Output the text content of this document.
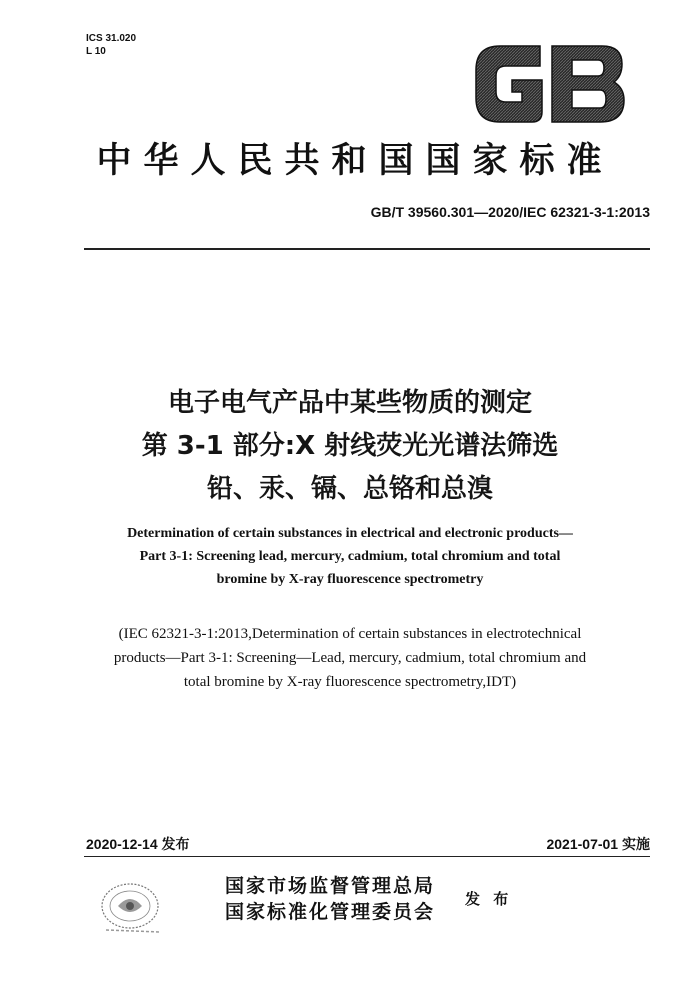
ICS 31.020
L 10
中华人民共和国国家标准
GB/T 39560.301—2020/IEC 62321-3-1:2013
电子电气产品中某些物质的测定
第 3-1 部分:X 射线荧光光谱法筛选
铅、汞、镉、总铬和总溴
Determination of certain substances in electrical and electronic products—
Part 3-1: Screening lead, mercury, cadmium, total chromium and total
bromine by X-ray fluorescence spectrometry
(IEC 62321-3-1:2013,Determination of certain substances in electrotechnical
products—Part 3-1: Screening—Lead, mercury, cadmium, total chromium and
total bromine by X-ray fluorescence spectrometry,IDT)
2020-12-14 发布	2021-07-01 实施
国家市场监督管理总局
国家标准化管理委员会
发 布
